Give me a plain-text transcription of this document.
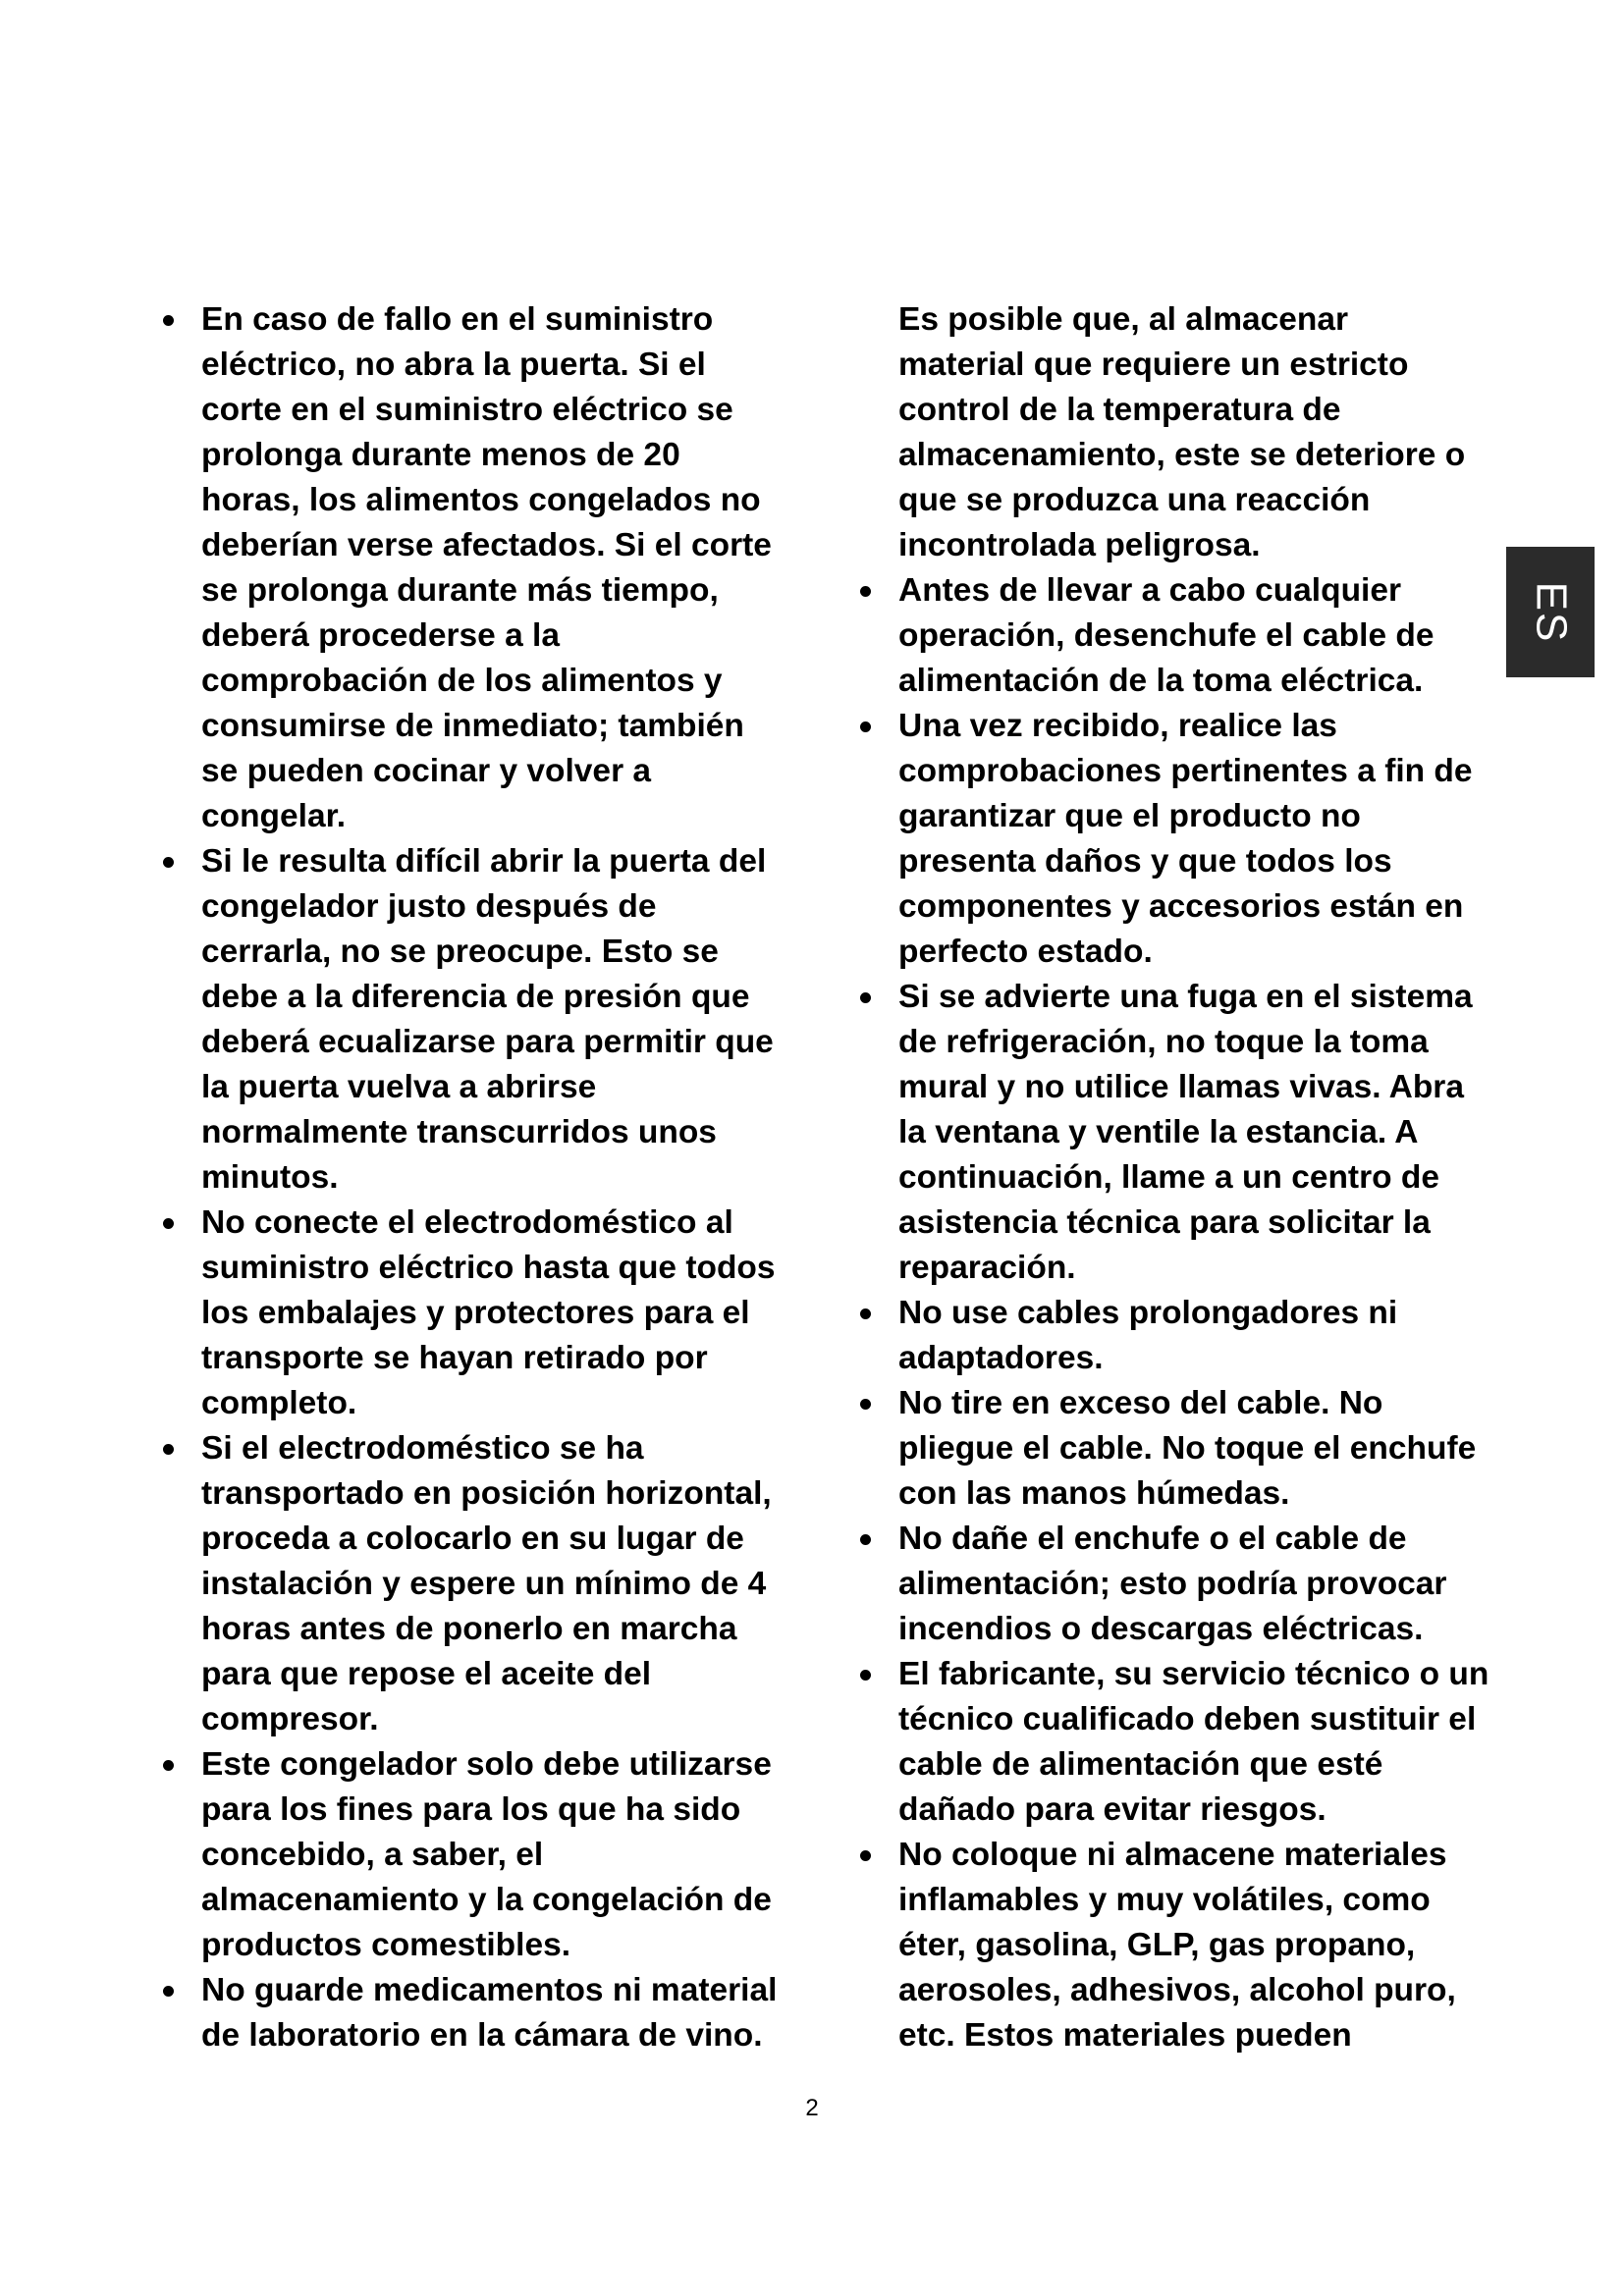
En caso de fallo en el suministro
eléctrico, no abra la puerta. Si el
corte en el suministro eléctrico se
prolonga durante menos de 20
horas, los alimentos congelados no
deberían verse afectados. Si el corte
se prolonga durante más tiempo,
deberá procederse a la
comprobación de los alimentos y
consumirse de inmediato; también
se pueden cocinar y volver a
congelar.
Si le resulta difícil abrir la puerta del
congelador justo después de
cerrarla, no se preocupe. Esto se
debe a la diferencia de presión que
deberá ecualizarse para permitir que
la puerta vuelva a abrirse
normalmente transcurridos unos
minutos.
No conecte el electrodoméstico al
suministro eléctrico hasta que todos
los embalajes y protectores para el
transporte se hayan retirado por
completo.
Si el electrodoméstico se ha
transportado en posición horizontal,
proceda a colocarlo en su lugar de
instalación y espere un mínimo de 4
horas antes de ponerlo en marcha
para que repose el aceite del
compresor.
Este congelador solo debe utilizarse
para los fines para los que ha sido
concebido, a saber, el
almacenamiento y la congelación de
productos comestibles.
No guarde medicamentos ni material
de laboratorio en la cámara de vino.

Es posible que, al almacenar
material que requiere un estricto
control de la temperatura de
almacenamiento, este se deteriore o
que se produzca una reacción
incontrolada peligrosa.

Antes de llevar a cabo cualquier
operación, desenchufe el cable de
alimentación de la toma eléctrica.
Una vez recibido, realice las
comprobaciones pertinentes a fin de
garantizar que el producto no
presenta daños y que todos los
componentes y accesorios están en
perfecto estado.
Si se advierte una fuga en el sistema
de refrigeración, no toque la toma
mural y no utilice llamas vivas. Abra
la ventana y ventile la estancia. A
continuación, llame a un centro de
asistencia técnica para solicitar la
reparación.
No use cables prolongadores ni
adaptadores.
No tire en exceso del cable. No
pliegue el cable. No toque el enchufe
con las manos húmedas.
No dañe el enchufe o el cable de
alimentación; esto podría provocar
incendios o descargas eléctricas.
El fabricante, su servicio técnico o un
técnico cualificado deben sustituir el
cable de alimentación que esté
dañado para evitar riesgos.
No coloque ni almacene materiales
inflamables y muy volátiles, como
éter, gasolina, GLP, gas propano,
aerosoles, adhesivos, alcohol puro,
etc. Estos materiales pueden
ES
2
